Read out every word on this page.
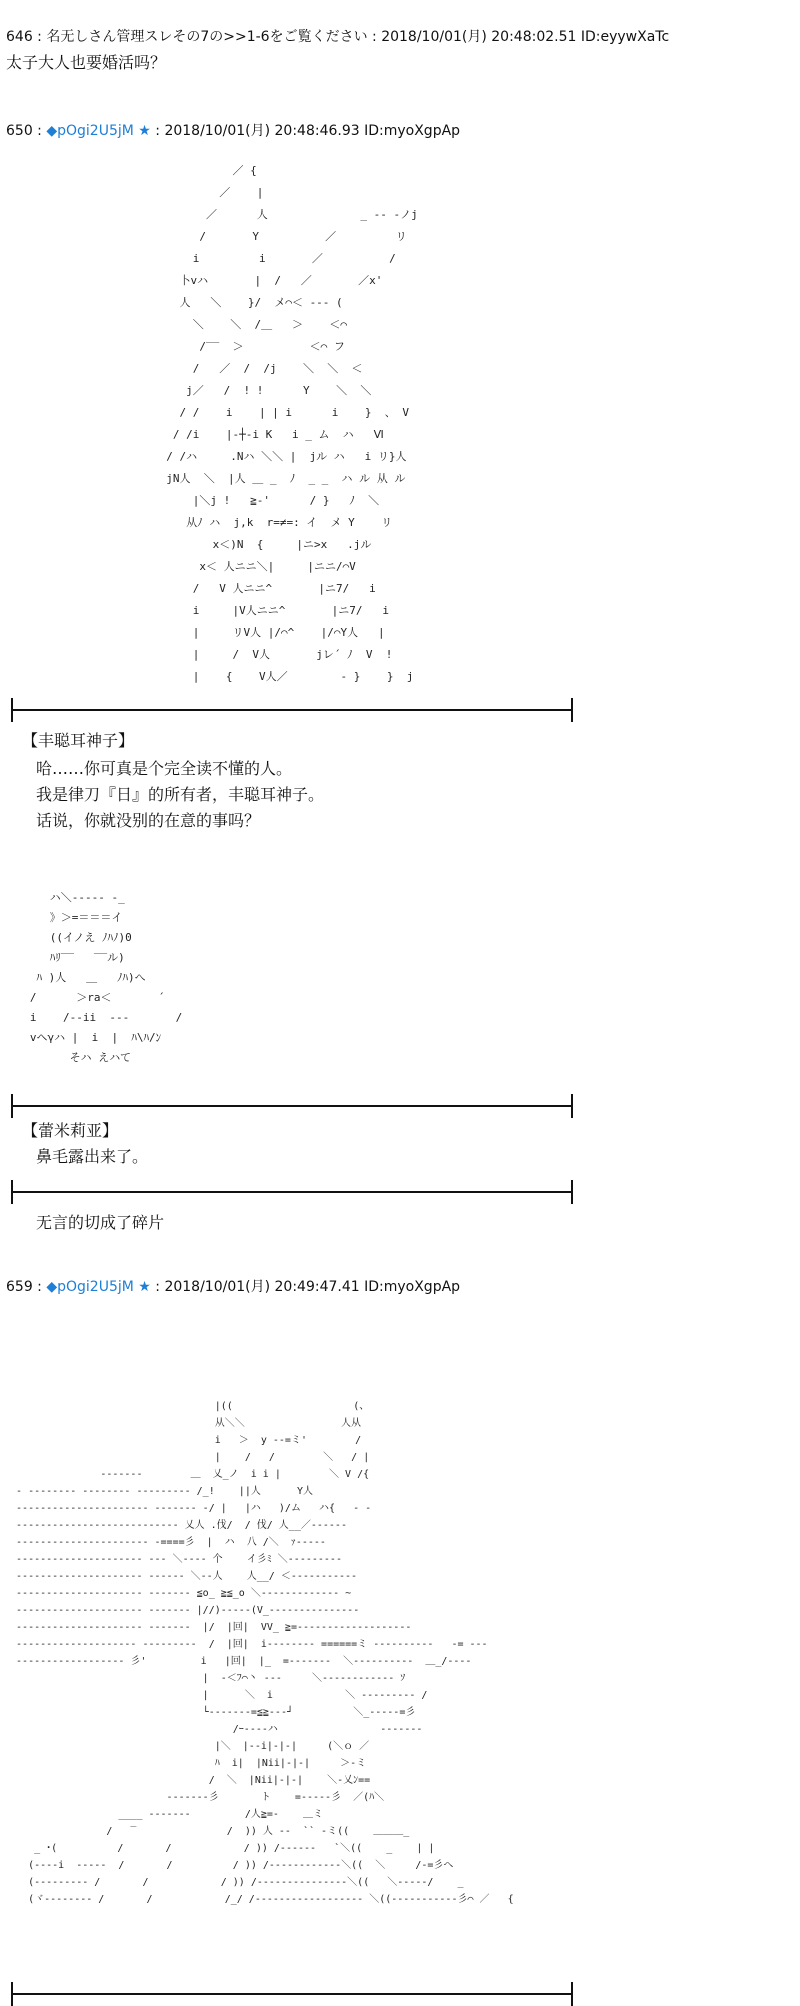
646 : 名无しさん管理スレその7の>>1-6をご覧ください : 2018/10/01(月) 20:48:02.51 ID:eyywXaTc
太子大人也要婚活吗？
650 : ◆pOgi2U5jM ★ : 2018/10/01(月) 20:48:46.93 ID:myoXgpAp
／ {
／    |
／      人              _ -‐ -ノj
/       Y          ／         リ
i         i       ／          /
卜vハ       |  /   ／       ／x'
人   ＼    }/  メ⌒＜ ‐‐‐ (
＼    ＼  /＿   ＞    ＜⌒
/‾‾  ＞          ＜⌒ フ
/   ／  /  /j    ＼  ＼  ＜
j／   /  ! !      Y    ＼  ＼
/ /    i    | | i      i    }  、 V
/ /i    |‐┼‐i K   i _ ム  ハ   Ⅵ
/ /ハ     .Nハ ＼＼ |  jル ハ   i リ}人
jN人  ＼  |人 ＿ _  ﾉ  _ _  ハ ル 从 ル
|＼j !   ≧-'      / }   ﾉ  ＼
从ﾉ ハ  j,k  r=≠=: イ  メ Y    リ
x＜)N  {     |ニ>x   .jル
x＜ 人ニニ＼|     |ニニ/⌒V
/   V 人ニニ^       |ニ7/   i
i     |V人ニニ^       |ニ7/   i
|     リV人 |/⌒^    |/⌒Y人   |
|     /  V人       jレ´ ﾉ  V  !
|    {    V人／        - }    }  j
【丰聪耳神子】
哈……你可真是个完全读不懂的人。
我是律刀『日』的所有者，丰聪耳神子。
话说，你就没别的在意的事吗？
ハ＼-‐‐‐‐ -_
》＞=＝＝＝イ
((イノえ ﾉﾊﾉ)0
ﾊﾘ‾‾   ‾‾ル)
ﾊ )人   ＿   ﾉﾊ)へ
/      ＞ra＜       ´
i    /‐‐ii  ‐‐‐       /
vヘγハ |  i  |  ﾊ\ﾊ/ﾝ
そハ えハて
【蕾米莉亚】
鼻毛露出来了。
无言的切成了碎片
659 : ◆pOgi2U5jM ★ : 2018/10/01(月) 20:49:47.41 ID:myoXgpAp
|((                    (、
从＼＼                人从
i   ＞  y ‐‐=ミ'        /
|    /   /        ＼   / |
‐‐‐‐‐‐-        ＿  乂_ノ  i i |        ＼ V /{
- -‐‐‐‐‐-- -‐‐‐‐‐‐‐ --‐‐‐‐--- /_!    ||人      Y人
-‐‐‐‐‐‐‐-‐‐‐‐-‐‐-‐‐‐‐- -‐‐‐-‐‐ -/ |   |ハ   )/ム   ハ{   ‐ -
-‐‐‐‐‐‐‐‐‐‐‐‐‐--‐‐‐-‐‐‐‐‐‐- 乂人 .伐/  / 伐/ 人__／-‐‐-‐‐
-‐‐‐‐‐‐-‐‐‐‐-‐‐‐-‐‐‐‐‐ ‐====彡  |  ハ  八 /＼  ｧ-‐‐-‐
-‐‐‐‐‐‐-‐‐‐‐-‐‐‐-‐‐‐‐ ‐‐‐ ＼-‐‐‐ 个    イ彡ﾐ ＼--‐‐‐‐-‐‐
-‐‐‐‐‐‐-‐‐‐‐-‐‐‐-‐‐‐‐ ‐‐‐‐‐‐ ＼‐‐人    人__/ ＜-‐‐‐-‐‐‐‐‐-
-‐‐‐‐‐‐-‐‐‐‐-‐‐‐-‐‐‐‐ ‐‐‐‐‐‐‐ ≦o_ ≧≦_o ＼-‐‐‐-‐‐‐‐‐-‐‐ ~
-‐‐‐‐‐‐-‐‐‐‐-‐‐‐-‐‐‐‐ ‐‐‐‐‐‐‐ |//)-‐‐‐‐(V_-‐‐‐-‐‐‐‐‐-‐‐‐-
-‐‐‐‐‐‐-‐‐‐‐-‐‐‐-‐‐‐‐ ‐‐‐‐‐‐‐  |/  |回|  VV_ ≧=‐‐‐‐‐-‐‐‐-‐‐‐‐‐-‐-‐
-‐‐‐‐‐‐-‐‐‐‐-‐‐‐-‐‐‐ ‐‐‐‐‐‐‐‐‐  /  |回|  i‐‐‐‐‐‐‐‐ ======ミ -‐‐‐-‐‐‐‐-   -= ‐‐‐
‐‐‐‐‐‐‐‐‐‐‐‐‐‐‐‐‐‐ 彡'         i   |回|  |_  =‐‐‐‐‐‐-  ＼‐‐‐-‐‐‐‐‐-  ＿_/‐‐‐‐
|  -＜ﾌ⌒丶 ‐‐-     ＼-‐‐‐-‐‐‐‐-‐‐ ｿ
|      ＼  i            ＼ ‐‐‐-‐‐‐-‐ /
└‐‐‐‐‐‐‐=≦≧‐‐‐┘          ＼_‐‐‐‐‐=彡
/ｰ‐‐‐‐ハ                 ‐‐‐‐‐‐‐
|＼  |‐‐i|‐|‐|     (＼ｏ ／
ﾊ  i|  |Nii|‐|‐|     ＞‐ミ
/  ＼  |Nii|‐|‐|    ＼‐乂ﾝ==
‐‐‐‐‐‐‐彡       ト    =‐‐‐‐‐彡  ／(ﾊ＼
____ ‐‐‐‐‐‐‐         /人≧=-    ＿ミ
/   ‾               /  )) 人 ‐‐  `` ‐ミ((    ＿＿＿_
_ ･(          /       /            / )) /‐‐‐‐‐‐   `＼((    _    | |
(‐‐‐‐i  ‐‐‐‐‐  /       /          / )) /‐‐‐‐‐‐‐‐‐‐‐‐＼((  ＼     /‐=彡へ
(‐‐‐‐‐‐‐‐‐ /       /            / )) /‐‐‐‐‐‐‐‐‐‐‐‐‐‐‐＼((   ＼‐‐‐‐‐/    _
(ヾ‐‐‐‐‐‐‐‐ /       /            /_/ /‐‐‐‐‐‐‐‐‐‐‐‐‐‐‐‐‐‐ ＼((‐‐‐‐‐‐‐‐‐‐‐彡⌒ ／   {
